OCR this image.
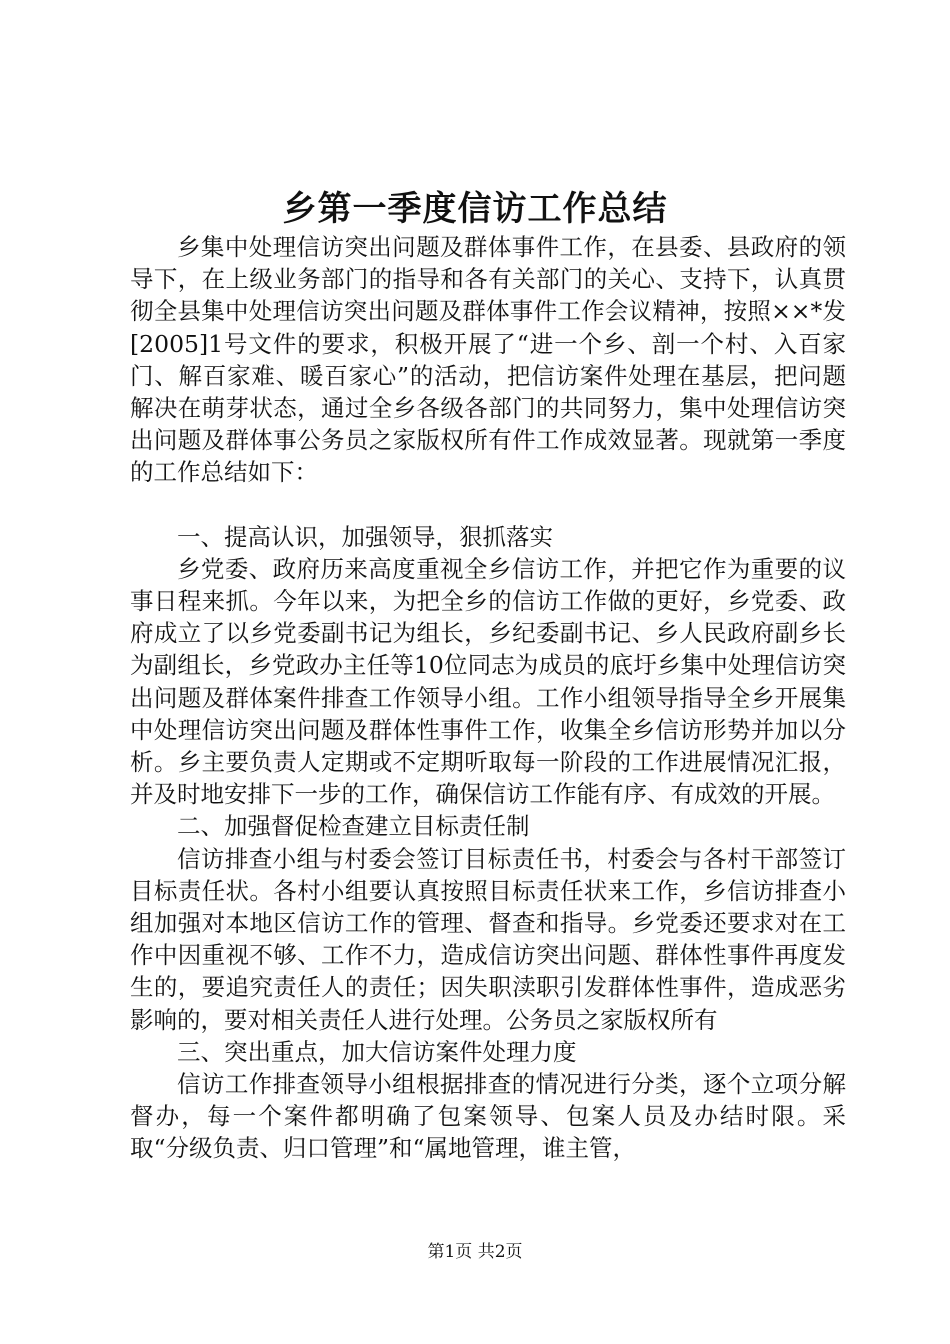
乡第一季度信访工作总结

乡集中处理信访突出问题及群体事件工作，在县委、县政府的领导下，在上级业务部门的指导和各有关部门的关心、支持下，认真贯彻全县集中处理信访突出问题及群体事件工作会议精神，按照××*发[2005]1号文件的要求，积极开展了“进一个乡、剖一个村、入百家门、解百家难、暖百家心”的活动，把信访案件处理在基层，把问题解决在萌芽状态，通过全乡各级各部门的共同努力，集中处理信访突出问题及群体事公务员之家版权所有件工作成效显著。现就第一季度的工作总结如下：

一、提高认识，加强领导，狠抓落实

乡党委、政府历来高度重视全乡信访工作，并把它作为重要的议事日程来抓。今年以来，为把全乡的信访工作做的更好，乡党委、政府成立了以乡党委副书记为组长，乡纪委副书记、乡人民政府副乡长为副组长，乡党政办主任等10位同志为成员的底圩乡集中处理信访突出问题及群体案件排查工作领导小组。工作小组领导指导全乡开展集中处理信访突出问题及群体性事件工作，收集全乡信访形势并加以分析。乡主要负责人定期或不定期听取每一阶段的工作进展情况汇报，并及时地安排下一步的工作，确保信访工作能有序、有成效的开展。

二、加强督促检查建立目标责任制

信访排查小组与村委会签订目标责任书，村委会与各村干部签订目标责任状。各村小组要认真按照目标责任状来工作，乡信访排查小组加强对本地区信访工作的管理、督查和指导。乡党委还要求对在工作中因重视不够、工作不力，造成信访突出问题、群体性事件再度发生的，要追究责任人的责任；因失职渎职引发群体性事件，造成恶劣影响的，要对相关责任人进行处理。公务员之家版权所有

三、突出重点，加大信访案件处理力度

信访工作排查领导小组根据排查的情况进行分类，逐个立项分解督办，每一个案件都明确了包案领导、包案人员及办结时限。采取“分级负责、归口管理”和“属地管理，谁主管，

第1页 共2页
